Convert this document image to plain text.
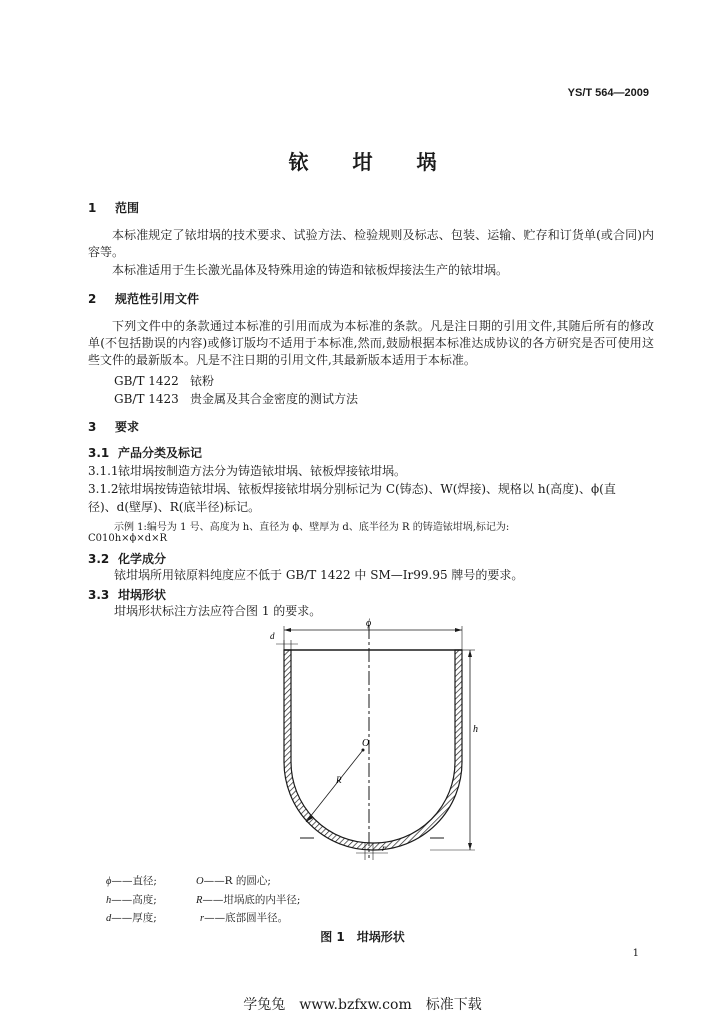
YS/T 564—2009
铱坩埚
1 范围
本标准规定了铱坩埚的技术要求、试验方法、检验规则及标志、包装、运输、贮存和订货单(或合同)内容等。
本标准适用于生长激光晶体及特殊用途的铸造和铱板焊接法生产的铱坩埚。
2 规范性引用文件
下列文件中的条款通过本标准的引用而成为本标准的条款。凡是注日期的引用文件,其随后所有的修改单(不包括勘误的内容)或修订版均不适用于本标准,然而,鼓励根据本标准达成协议的各方研究是否可使用这些文件的最新版本。凡是不注日期的引用文件,其最新版本适用于本标准。
GB/T 1422 铱粉
GB/T 1423 贵金属及其合金密度的测试方法
3 要求
3.1 产品分类及标记
3.1.1铱坩埚按制造方法分为铸造铱坩埚、铱板焊接铱坩埚。
3.1.2铱坩埚按铸造铱坩埚、铱板焊接铱坩埚分别标记为 C(铸态)、W(焊接)、规格以 h(高度)、ϕ(直
径)、d(壁厚)、R(底半径)标记。
示例 1:编号为 1 号、高度为 h、直径为 ϕ、壁厚为 d、底半径为 R 的铸造铱坩埚,标记为:
C010h×ϕ×d×R
3.2 化学成分
铱坩埚所用铱原料纯度应不低于 GB/T 1422 中 SM—Ir99.95 牌号的要求。
3.3 坩埚形状
坩埚形状标注方法应符合图 1 的要求。
ϕ
d
h
O
R
r
ϕ——直径;
h——高度;
d——厚度;
O——R 的圆心;
R——坩埚底的内半径;
r——底部圆半径。
图 1　坩埚形状
1
学兔兔 www.bzfxw.com 标准下载
